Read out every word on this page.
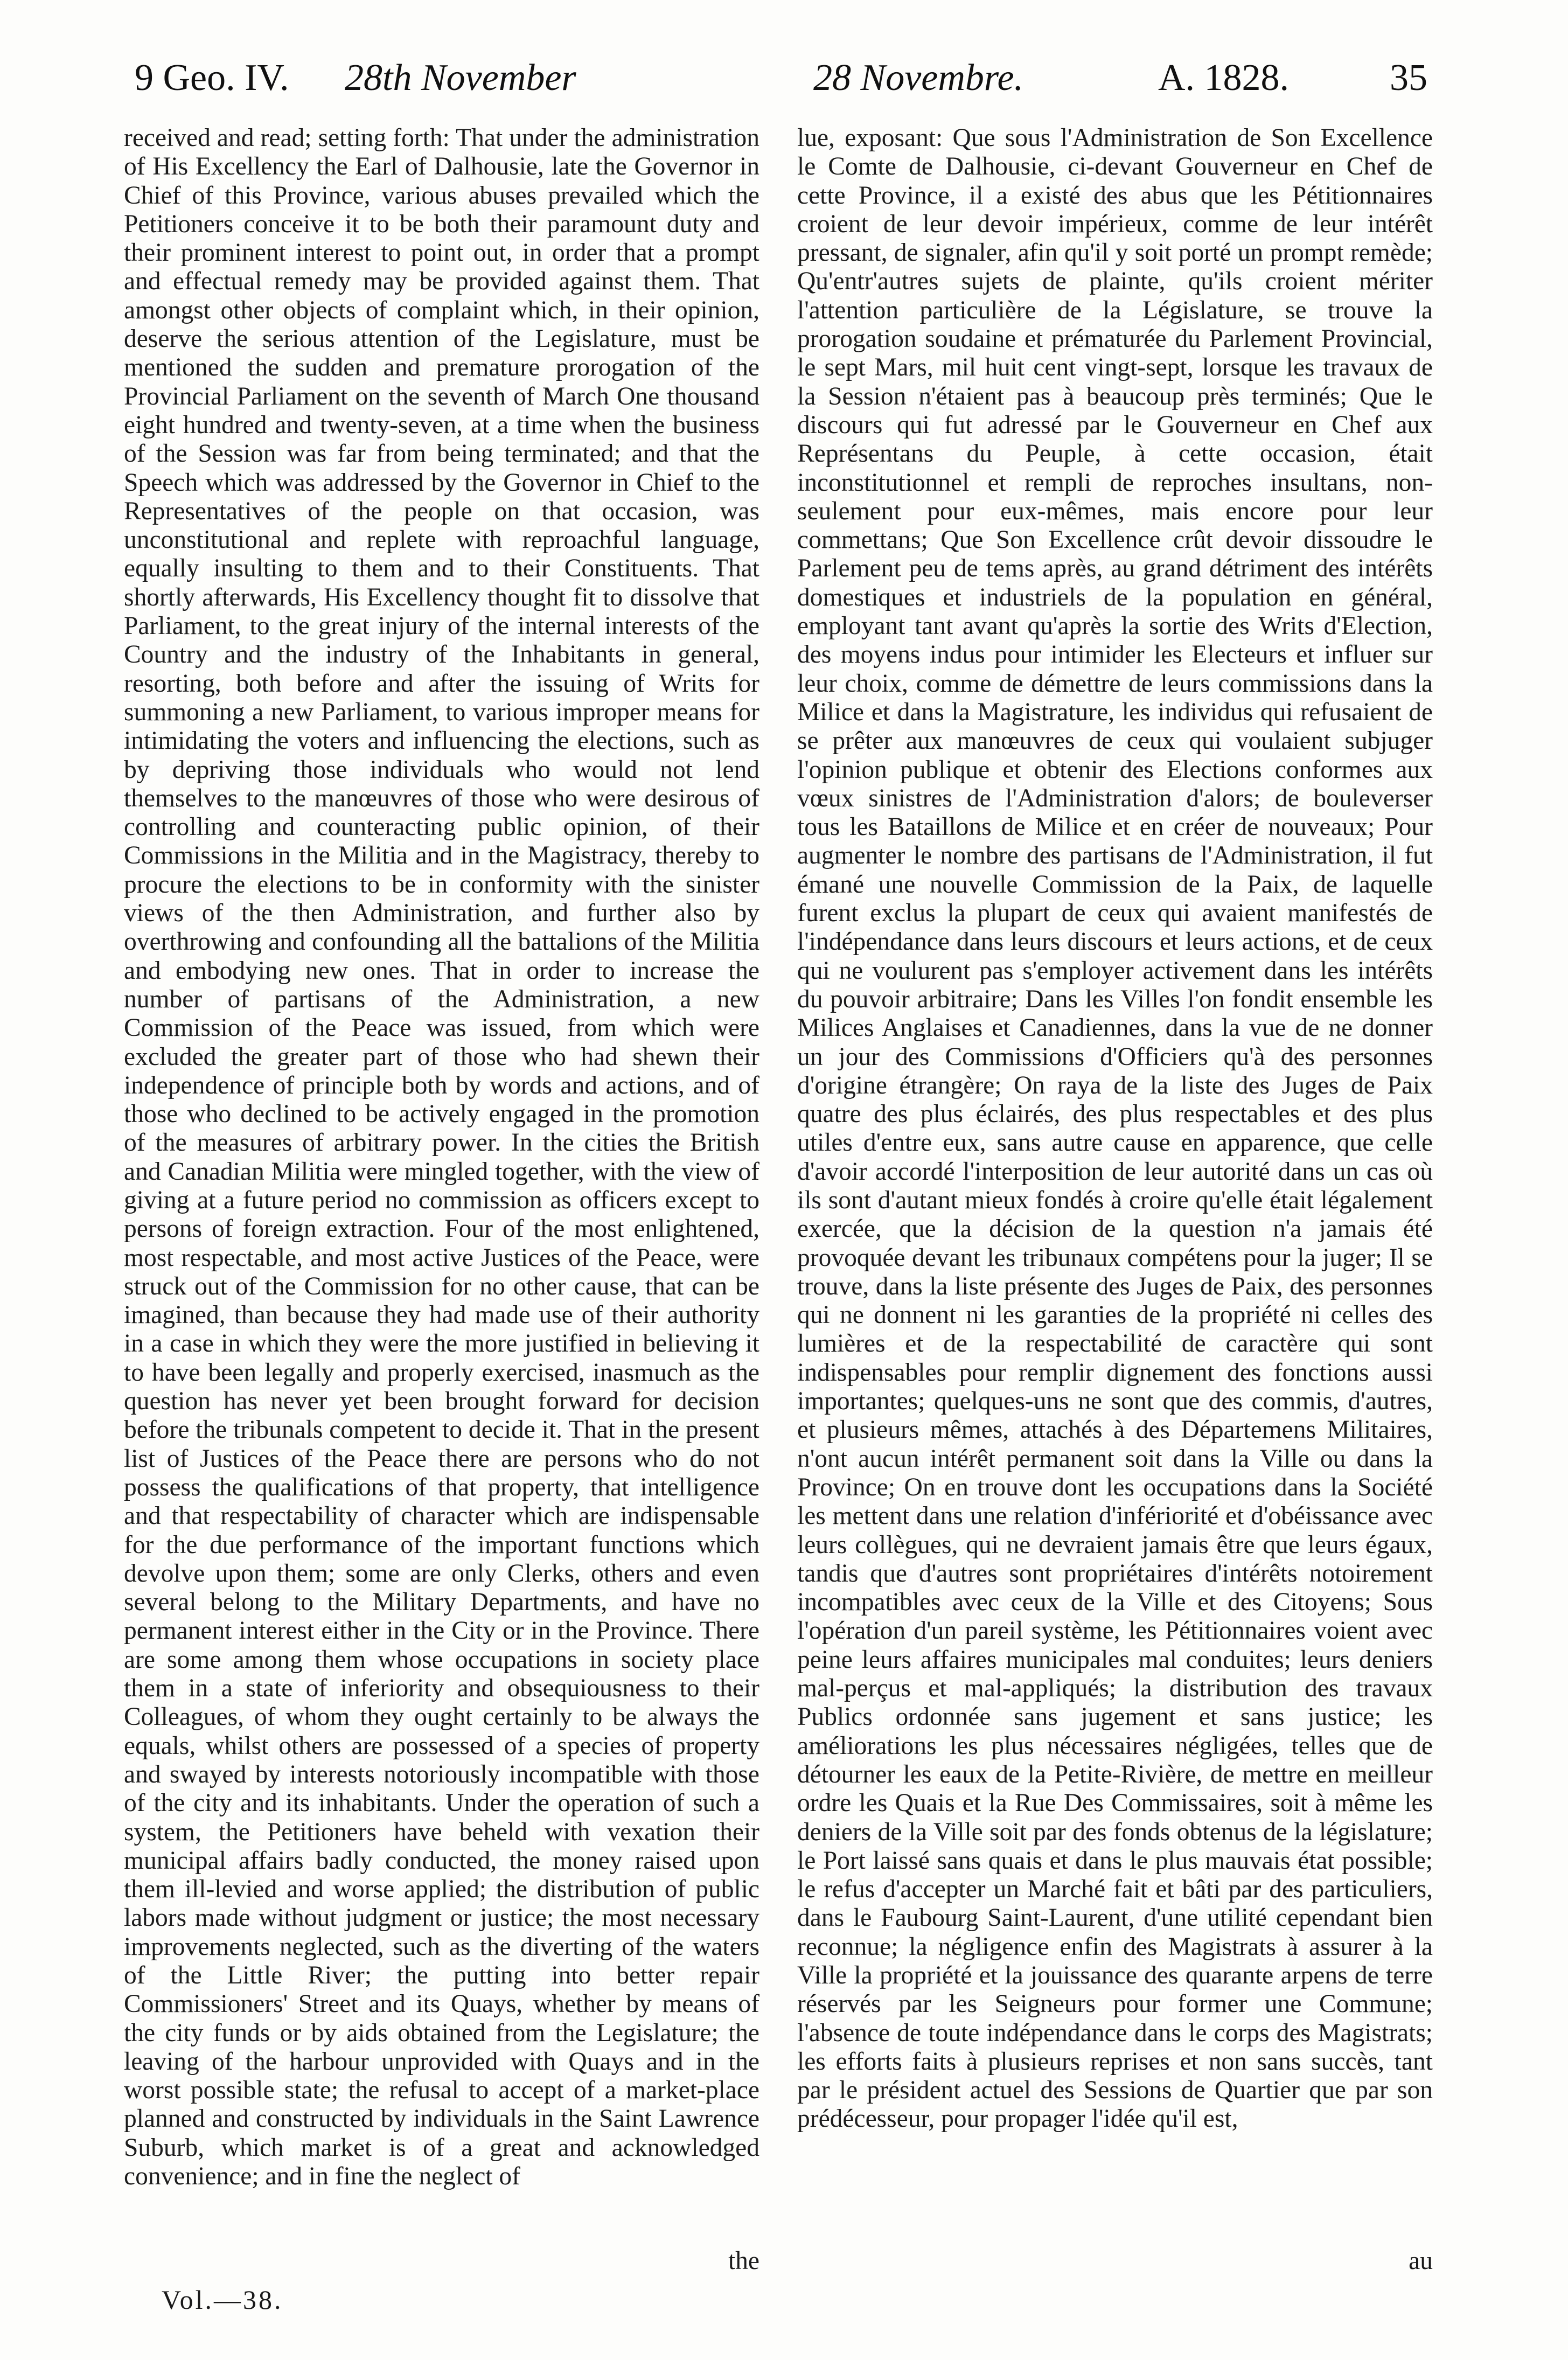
9 Geo. IV. 28th November	28 Novembre.	A. 1828.	35

received and read; setting forth: That under the administration of His Excellency the Earl of Dalhousie, late the Governor in Chief of this Province, various abuses prevailed which the Petitioners conceive it to be both their paramount duty and their prominent interest to point out, in order that a prompt and effectual remedy may be provided against them. That amongst other objects of complaint which, in their opinion, deserve the serious attention of the Legislature, must be mentioned the sudden and premature prorogation of the Provincial Parliament on the seventh of March One thousand eight hundred and twenty-seven, at a time when the business of the Session was far from being terminated; and that the Speech which was addressed by the Governor in Chief to the Representatives of the people on that occasion, was unconstitutional and replete with reproachful language, equally insulting to them and to their Constituents. That shortly afterwards, His Excellency thought fit to dissolve that Parliament, to the great injury of the internal interests of the Country and the industry of the Inhabitants in general, resorting, both before and after the issuing of Writs for summoning a new Parliament, to various improper means for intimidating the voters and influencing the elections, such as by depriving those individuals who would not lend themselves to the manœuvres of those who were desirous of controlling and counteracting public opinion, of their Commissions in the Militia and in the Magistracy, thereby to procure the elections to be in conformity with the sinister views of the then Administration, and further also by overthrowing and confounding all the battalions of the Militia and embodying new ones. That in order to increase the number of partisans of the Administration, a new Commission of the Peace was issued, from which were excluded the greater part of those who had shewn their independence of principle both by words and actions, and of those who declined to be actively engaged in the promotion of the measures of arbitrary power. In the cities the British and Canadian Militia were mingled together, with the view of giving at a future period no commission as officers except to persons of foreign extraction. Four of the most enlightened, most respectable, and most active Justices of the Peace, were struck out of the Commission for no other cause, that can be imagined, than because they had made use of their authority in a case in which they were the more justified in believing it to have been legally and properly exercised, inasmuch as the question has never yet been brought forward for decision before the tribunals competent to decide it. That in the present list of Justices of the Peace there are persons who do not possess the qualifications of that property, that intelligence and that respectability of character which are indispensable for the due performance of the important functions which devolve upon them; some are only Clerks, others and even several belong to the Military Departments, and have no permanent interest either in the City or in the Province. There are some among them whose occupations in society place them in a state of inferiority and obsequiousness to their Colleagues, of whom they ought certainly to be always the equals, whilst others are possessed of a species of property and swayed by interests notoriously incompatible with those of the city and its inhabitants. Under the operation of such a system, the Petitioners have beheld with vexation their municipal affairs badly conducted, the money raised upon them ill-levied and worse applied; the distribution of public labors made without judgment or justice; the most necessary improvements neglected, such as the diverting of the waters of the Little River; the putting into better repair Commissioners' Street and its Quays, whether by means of the city funds or by aids obtained from the Legislature; the leaving of the harbour unprovided with Quays and in the worst possible state; the refusal to accept of a market-place planned and constructed by individuals in the Saint Lawrence Suburb, which market is of a great and acknowledged convenience; and in fine the neglect of

lue, exposant: Que sous l'Administration de Son Excellence le Comte de Dalhousie, ci-devant Gouverneur en Chef de cette Province, il a existé des abus que les Pétitionnaires croient de leur devoir impérieux, comme de leur intérêt pressant, de signaler, afin qu'il y soit porté un prompt remède; Qu'entr'autres sujets de plainte, qu'ils croient mériter l'attention particulière de la Législature, se trouve la prorogation soudaine et prématurée du Parlement Provincial, le sept Mars, mil huit cent vingt-sept, lorsque les travaux de la Session n'étaient pas à beaucoup près terminés; Que le discours qui fut adressé par le Gouverneur en Chef aux Représentans du Peuple, à cette occasion, était inconstitutionnel et rempli de reproches insultans, non-seulement pour eux-mêmes, mais encore pour leur commettans; Que Son Excellence crût devoir dissoudre le Parlement peu de tems après, au grand détriment des intérêts domestiques et industriels de la population en général, employant tant avant qu'après la sortie des Writs d'Election, des moyens indus pour intimider les Electeurs et influer sur leur choix, comme de démettre de leurs commissions dans la Milice et dans la Magistrature, les individus qui refusaient de se prêter aux manœuvres de ceux qui voulaient subjuger l'opinion publique et obtenir des Elections conformes aux vœux sinistres de l'Administration d'alors; de bouleverser tous les Bataillons de Milice et en créer de nouveaux; Pour augmenter le nombre des partisans de l'Administration, il fut émané une nouvelle Commission de la Paix, de laquelle furent exclus la plupart de ceux qui avaient manifestés de l'indépendance dans leurs discours et leurs actions, et de ceux qui ne voulurent pas s'employer activement dans les intérêts du pouvoir arbitraire; Dans les Villes l'on fondit ensemble les Milices Anglaises et Canadiennes, dans la vue de ne donner un jour des Commissions d'Officiers qu'à des personnes d'origine étrangère; On raya de la liste des Juges de Paix quatre des plus éclairés, des plus respectables et des plus utiles d'entre eux, sans autre cause en apparence, que celle d'avoir accordé l'interposition de leur autorité dans un cas où ils sont d'autant mieux fondés à croire qu'elle était légalement exercée, que la décision de la question n'a jamais été provoquée devant les tribunaux compétens pour la juger; Il se trouve, dans la liste présente des Juges de Paix, des personnes qui ne donnent ni les garanties de la propriété ni celles des lumières et de la respectabilité de caractère qui sont indispensables pour remplir dignement des fonctions aussi importantes; quelques-uns ne sont que des commis, d'autres, et plusieurs mêmes, attachés à des Départemens Militaires, n'ont aucun intérêt permanent soit dans la Ville ou dans la Province; On en trouve dont les occupations dans la Société les mettent dans une relation d'infériorité et d'obéissance avec leurs collègues, qui ne devraient jamais être que leurs égaux, tandis que d'autres sont propriétaires d'intérêts notoirement incompatibles avec ceux de la Ville et des Citoyens; Sous l'opération d'un pareil système, les Pétitionnaires voient avec peine leurs affaires municipales mal conduites; leurs deniers mal-perçus et mal-appliqués; la distribution des travaux Publics ordonnée sans jugement et sans justice; les améliorations les plus nécessaires négligées, telles que de détourner les eaux de la Petite-Rivière, de mettre en meilleur ordre les Quais et la Rue Des Commissaires, soit à même les deniers de la Ville soit par des fonds obtenus de la législature; le Port laissé sans quais et dans le plus mauvais état possible; le refus d'accepter un Marché fait et bâti par des particuliers, dans le Faubourg Saint-Laurent, d'une utilité cependant bien reconnue; la négligence enfin des Magistrats à assurer à la Ville la propriété et la jouissance des quarante arpens de terre réservés par les Seigneurs pour former une Commune; l'absence de toute indépendance dans le corps des Magistrats; les efforts faits à plusieurs reprises et non sans succès, tant par le président actuel des Sessions de Quartier que par son prédécesseur, pour propager l'idée qu'il est,

the	au
Vol.—38.
